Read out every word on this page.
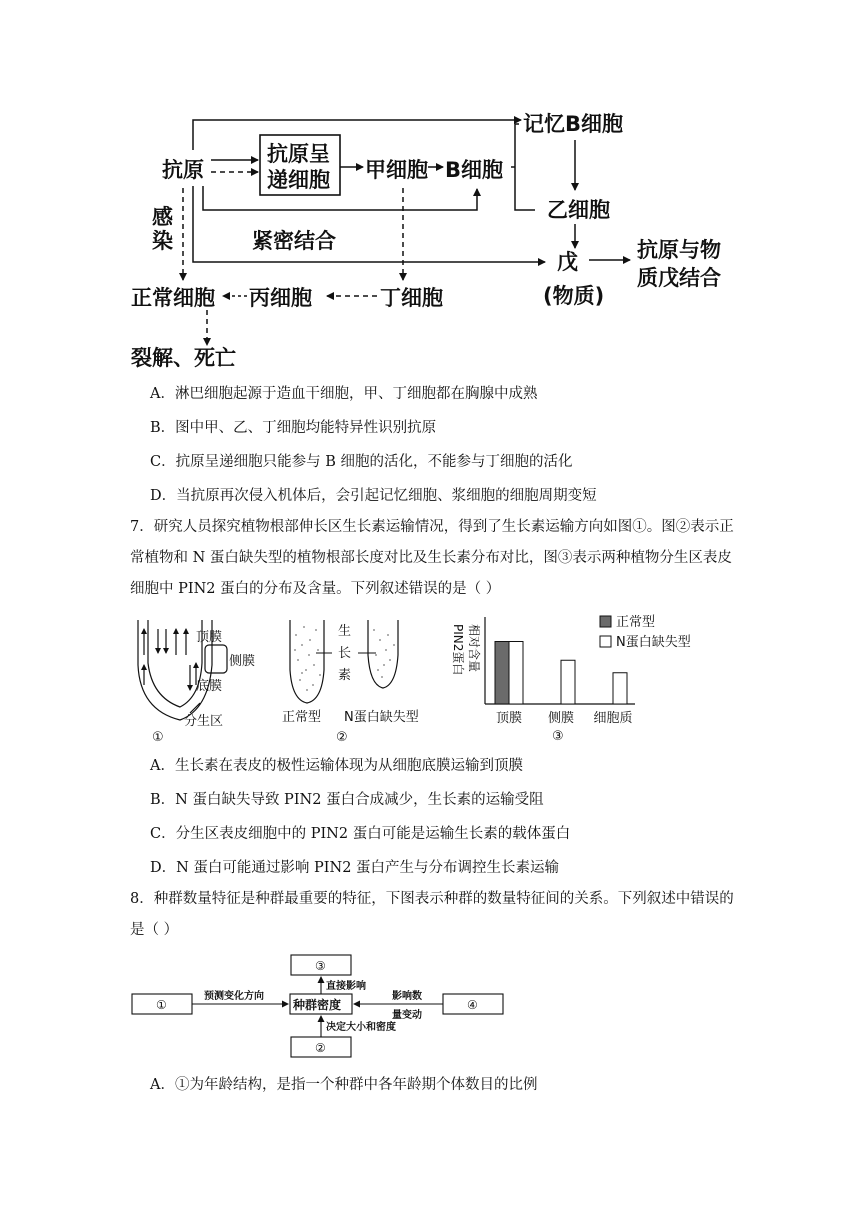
抗原
抗原呈
递细胞 甲细胞 B细胞
记忆B细胞
乙细胞
戊
(物质)
抗原与物
质戊结合
感
染	紧密结合
正常细胞 丙细胞	丁细胞
裂解、死亡
A．淋巴细胞起源于造血干细胞，甲、丁细胞都在胸腺中成熟
B．图中甲、乙、丁细胞均能特异性识别抗原
C．抗原呈递细胞只能参与 B 细胞的活化，不能参与丁细胞的活化
D．当抗原再次侵入机体后，会引起记忆细胞、浆细胞的细胞周期变短
7．研究人员探究植物根部伸长区生长素运输情况，得到了生长素运输方向如图①。图②表示正常植物和 N 蛋白缺失型的植物根部长度对比及生长素分布对比，图③表示两种植物分生区表皮细胞中 PIN2 蛋白的分布及含量。下列叙述错误的是（ ）
顶膜
侧膜
底膜
分生区
①
生
长
素
正常型 N蛋白缺失型
②
PIN2蛋白 相对含量
顶膜 侧膜 细胞质
正常型
N蛋白缺失型
③
A．生长素在表皮的极性运输体现为从细胞底膜运输到顶膜
B．N 蛋白缺失导致 PIN2 蛋白合成减少，生长素的运输受阻
C．分生区表皮细胞中的 PIN2 蛋白可能是运输生长素的载体蛋白
D．N 蛋白可能通过影响 PIN2 蛋白产生与分布调控生长素运输
8．种群数量特征是种群最重要的特征，下图表示种群的数量特征间的关系。下列叙述中错误的是（ ）
①	种群密度
③
②
④
预测变化方向
直接影响
影响数
量变动
决定大小和密度
A．①为年龄结构，是指一个种群中各年龄期个体数目的比例
